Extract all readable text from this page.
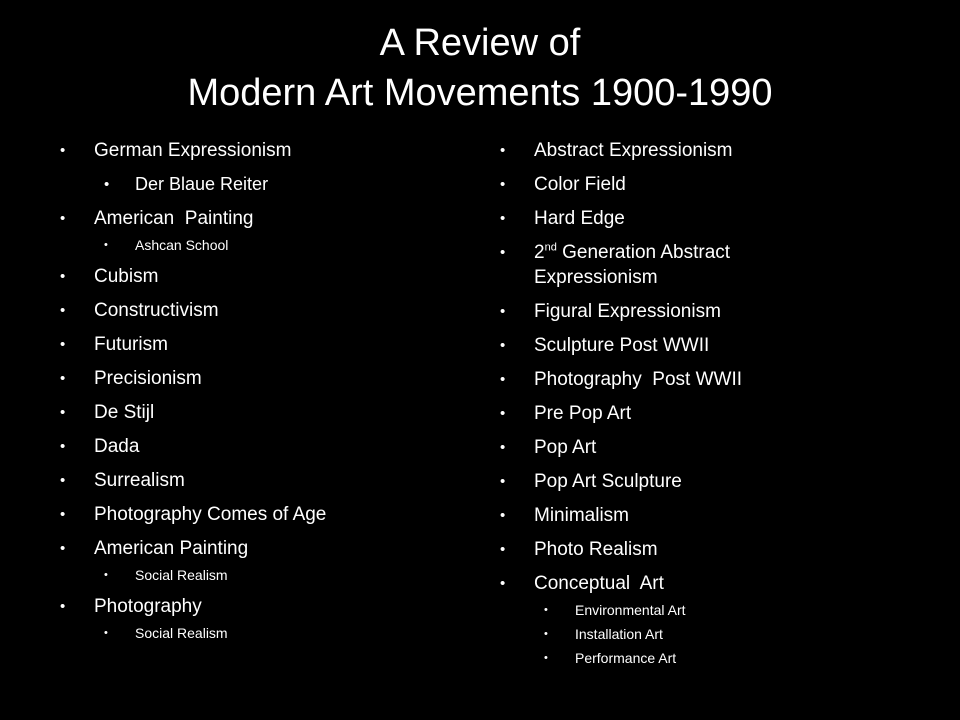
A Review of
Modern Art Movements 1900-1990
•	German Expressionism
•	Der Blaue Reiter
•	American  Painting
•	Ashcan School
•	Cubism
•	Constructivism
•	Futurism
•	Precisionism
•	De Stijl
•	Dada
•	Surrealism
•	Photography Comes of Age
•	American Painting
•	Social Realism
•	Photography
•	Social Realism
•	Abstract Expressionism
•	Color Field
•	Hard Edge
•	2nd Generation Abstract
Expressionism
•	Figural Expressionism
•	Sculpture Post WWII
•	Photography  Post WWII
•	Pre Pop Art
•	Pop Art
•	Pop Art Sculpture
•	Minimalism
•	Photo Realism
•	Conceptual  Art
•	Environmental Art
•	Installation Art
•	Performance Art
